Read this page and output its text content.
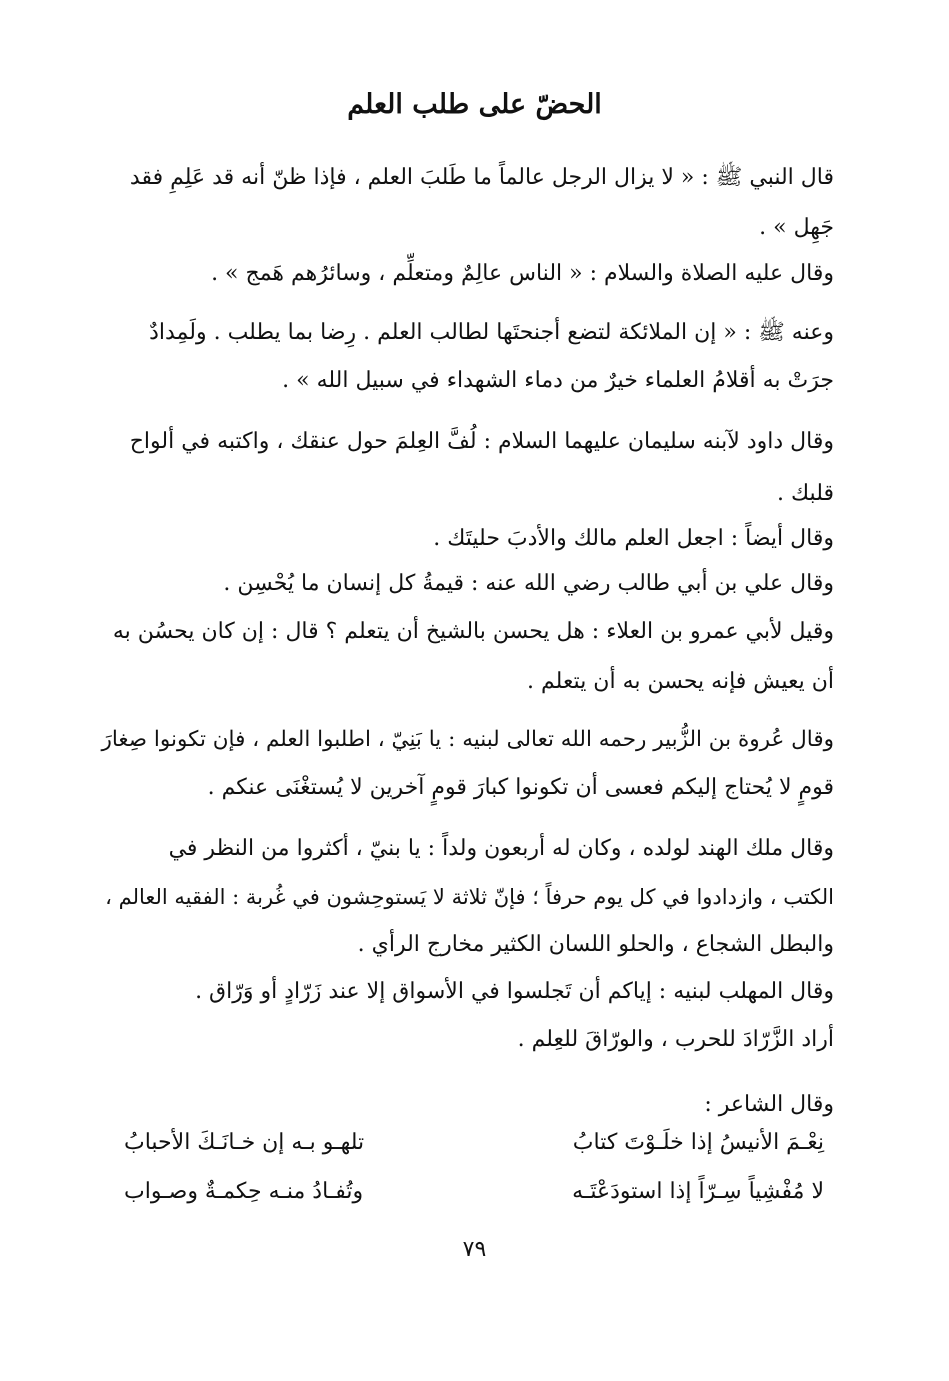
الحضّ على طلب العلم

قال النبي ﷺ : « لا يزال الرجل عالماً ما طَلبَ العلم ، فإذا ظنّ أنه قد عَلِمِ فقد

جَهِل » .

وقال عليه الصلاة والسلام : « الناس عالِمٌ ومتعلِّم ، وسائرُهم هَمج » .

وعنه ﷺ : « إن الملائكة لتضع أجنحتَها لطالب العلم . رِضا بما يطلب . ولَمِدادٌ

جرَتْ به أقلامُ العلماء خيرٌ من دماء الشهداء في سبيل الله » .

وقال داود لآبنه سليمان عليهما السلام : لُفَّ العِلمَ حول عنقك ، واكتبه في ألواح

قلبك .

وقال أيضاً : اجعل العلم مالك والأدبَ حليتَك .

وقال علي بن أبي طالب رضي الله عنه : قيمةُ كل إنسان ما يُحْسِن .

وقيل لأبي عمرو بن العلاء : هل يحسن بالشيخ أن يتعلم ؟ قال : إن كان يحسُن به

أن يعيش فإنه يحسن به أن يتعلم .

وقال عُروة بن الزُّبير رحمه الله تعالى لبنيه : يا بَنِيّ ، اطلبوا العلم ، فإن تكونوا صِغارَ

قومٍ لا يُحتاج إليكم فعسى أن تكونوا كبارَ قومٍ آخرين لا يُستغْنَى عنكم .

وقال ملك الهند لولده ، وكان له أربعون ولداً : يا بنيّ ، أكثروا من النظر في

الكتب ، وازدادوا في كل يوم حرفاً ؛ فإنّ ثلاثة لا يَستوحِشون في غُربة : الفقيه العالم ،

والبطل الشجاع ، والحلو اللسان الكثير مخارج الرأي .

وقال المهلب لبنيه : إياكم أن تَجلسوا في الأسواق إلا عند زَرّادٍ أو وَرّاق .

أراد الزَّرّادَ للحرب ، والورّاقَ للعِلم .

وقال الشاعر :

نِعْـمَ الأنيسُ إذا خلَـوْتَ كتابُ
تلهـو بـه إن خـانَـكَ الأحبابُ
لا مُفْشِياً سِـرّاً إذا استودَعْتَـه
وتُفـادُ منـه حِكمـةٌ وصـواب
٧٩
